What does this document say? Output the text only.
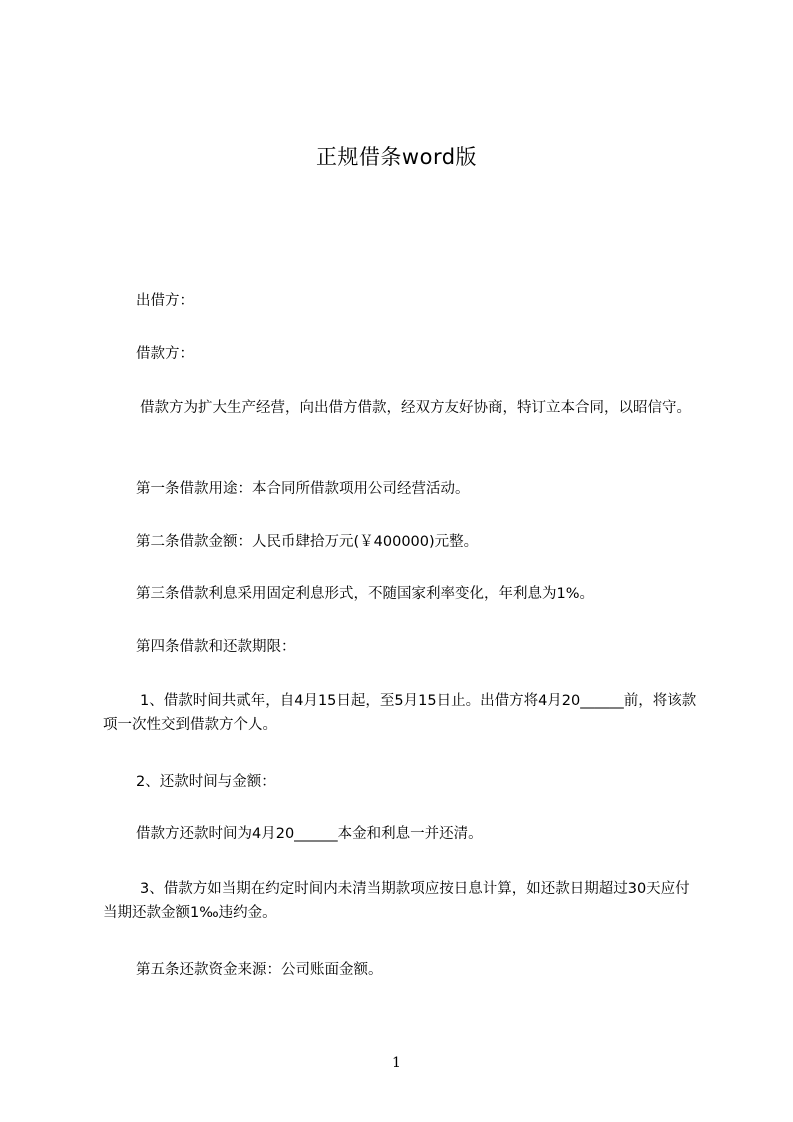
正规借条word版
出借方：
借款方：
借款方为扩大生产经营，向出借方借款，经双方友好协商，特订立本合同，以昭信守。
第一条借款用途：本合同所借款项用公司经营活动。
第二条借款金额：人民币肆拾万元(￥400000)元整。
第三条借款利息采用固定利息形式，不随国家利率变化，年利息为1%。
第四条借款和还款期限：
1、借款时间共贰年，自4月15日起，至5月15日止。出借方将4月20______前，将该款项一次性交到借款方个人。
2、还款时间与金额：
借款方还款时间为4月20______本金和利息一并还清。
3、借款方如当期在约定时间内未清当期款项应按日息计算，如还款日期超过30天应付当期还款金额1‰违约金。
第五条还款资金来源：公司账面金额。
1
